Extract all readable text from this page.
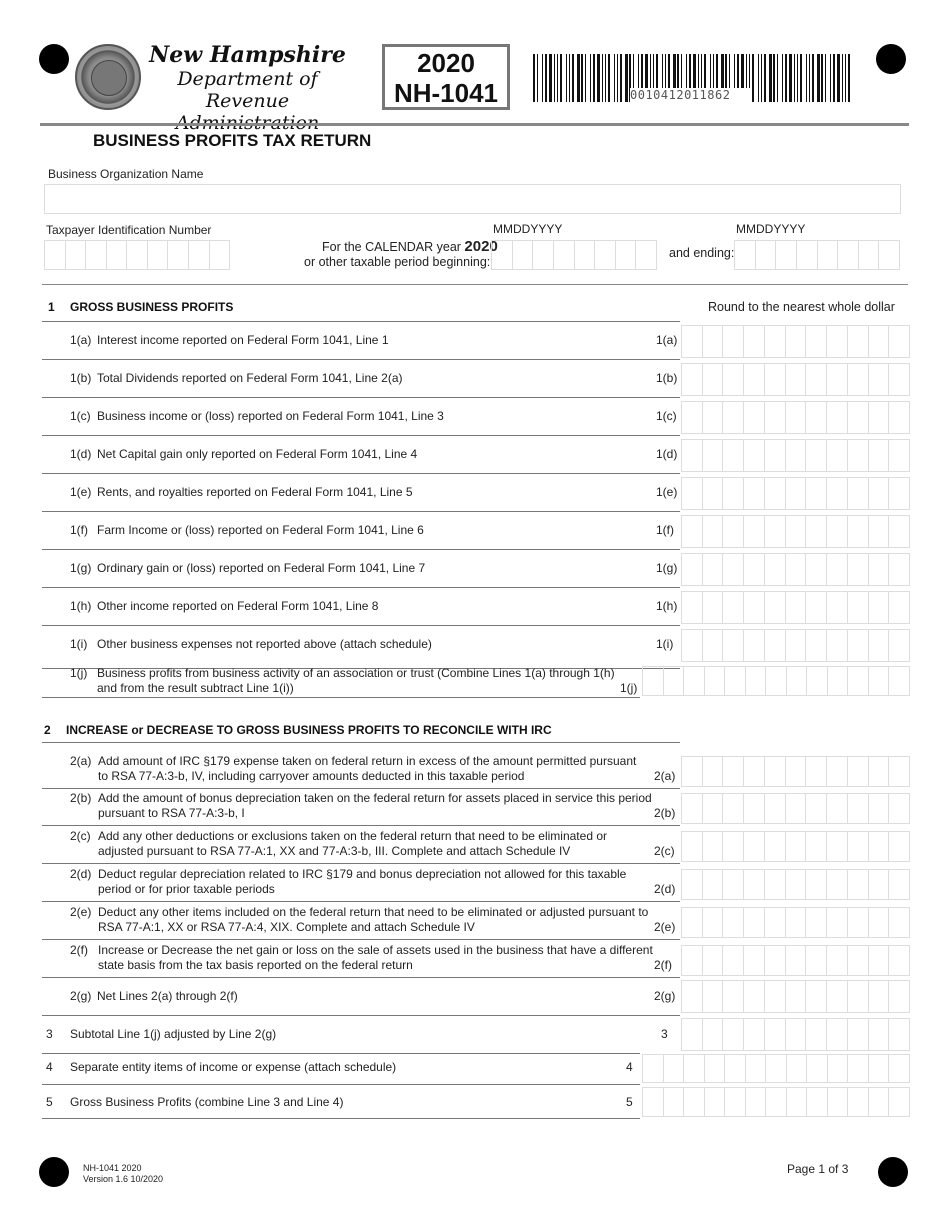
New Hampshire
Department of
Revenue
2020
NH-1041	0010412011862
BUSINESS PROFITS TAX RETURN
Business Organization Name
Taxpayer Identification Number
For the CALENDAR year 2020
or other taxable period beginning:
MMDDYYYY
and ending:
MMDDYYYY
1 GROSS BUSINESS PROFITS	Round to the nearest whole dollar
1(a) Interest income reported on Federal Form 1041, Line 1	1(a)
1(b) Total Dividends reported on Federal Form 1041, Line 2(a)	1(b)
1(c) Business income or (loss) reported on Federal Form 1041, Line 3	1(c)
1(d) Net Capital gain only reported on Federal Form 1041, Line 4	1(d)
1(e) Rents, and royalties reported on Federal Form 1041, Line 5	1(e)
1(f) Farm Income or (loss) reported on Federal Form 1041, Line 6	1(f)
1(g) Ordinary gain or (loss) reported on Federal Form 1041, Line 7	1(g)
1(h) Other income reported on Federal Form 1041, Line 8	1(h)
1(i) Other business expenses not reported above (attach schedule)	1(i)
1(j) Business profits from business activity of an association or trust (Combine Lines 1(a) through 1(h)
and from the result subtract Line 1(i))	1(j)
2 INCREASE or DECREASE TO GROSS BUSINESS PROFITS TO RECONCILE WITH IRC
2(a) Add amount of IRC §179 expense taken on federal return in excess of the amount permitted pursuant
to RSA 77-A:3-b, IV, including carryover amounts deducted in this taxable period	2(a)
2(b) Add the amount of bonus depreciation taken on the federal return for assets placed in service this period
pursuant to RSA 77-A:3-b, I	2(b)
2(c) Add any other deductions or exclusions taken on the federal return that need to be eliminated or
adjusted pursuant to RSA 77-A:1, XX and 77-A:3-b, III. Complete and attach Schedule IV	2(c)
2(d) Deduct regular depreciation related to IRC §179 and bonus depreciation not allowed for this taxable
period or for prior taxable periods	2(d)
2(e) Deduct any other items included on the federal return that need to be eliminated or adjusted pursuant to
RSA 77-A:1, XX or RSA 77-A:4, XIX. Complete and attach Schedule IV	2(e)
2(f) Increase or Decrease the net gain or loss on the sale of assets used in the business that have a different
state basis from the tax basis reported on the federal return	2(f)
2(g) Net Lines 2(a) through 2(f)	2(g)
3 Subtotal Line 1(j) adjusted by Line 2(g)	3
4 Separate entity items of income or expense (attach schedule)	4
5 Gross Business Profits (combine Line 3 and Line 4)	5
NH-1041 2020
Version 1.6 10/2020
Page 1 of 3
